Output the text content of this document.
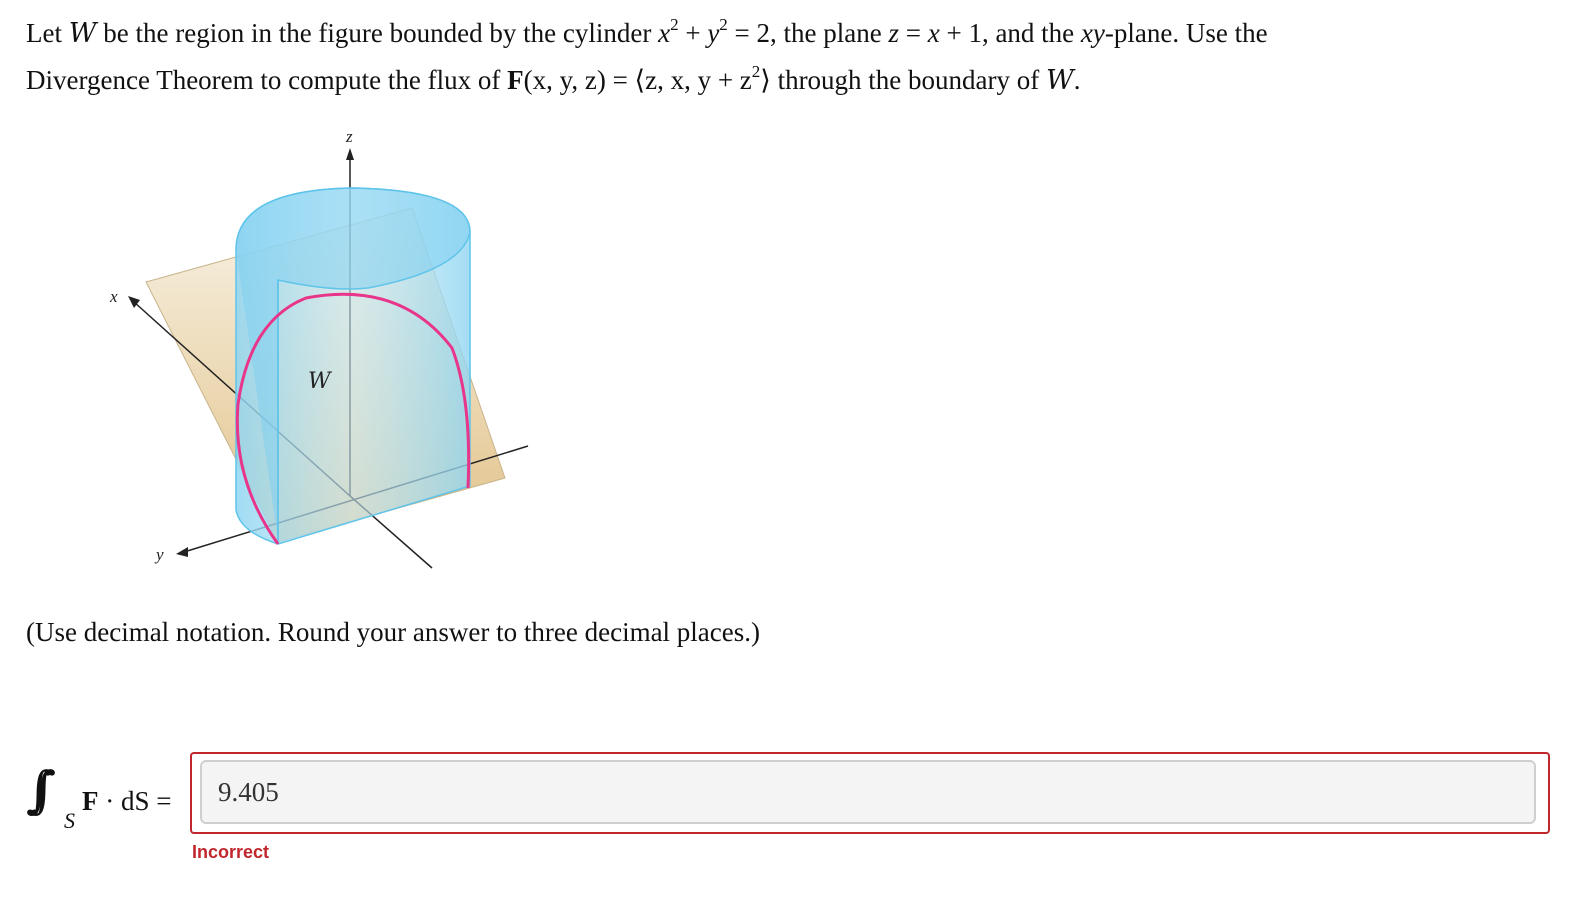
Let W be the region in the figure bounded by the cylinder $x^2 + y^2 = 2$, the plane z = x + 1, and the xy-plane. Use the
Divergence Theorem to compute the flux of F(x, y, z) = ⟨z, x, $y + z^2⟩$ through the boundary of W.
z
x
y
W
(Use decimal notation. Round your answer to three decimal places.)
∫∫
S
F · dS =
9.405
Incorrect
